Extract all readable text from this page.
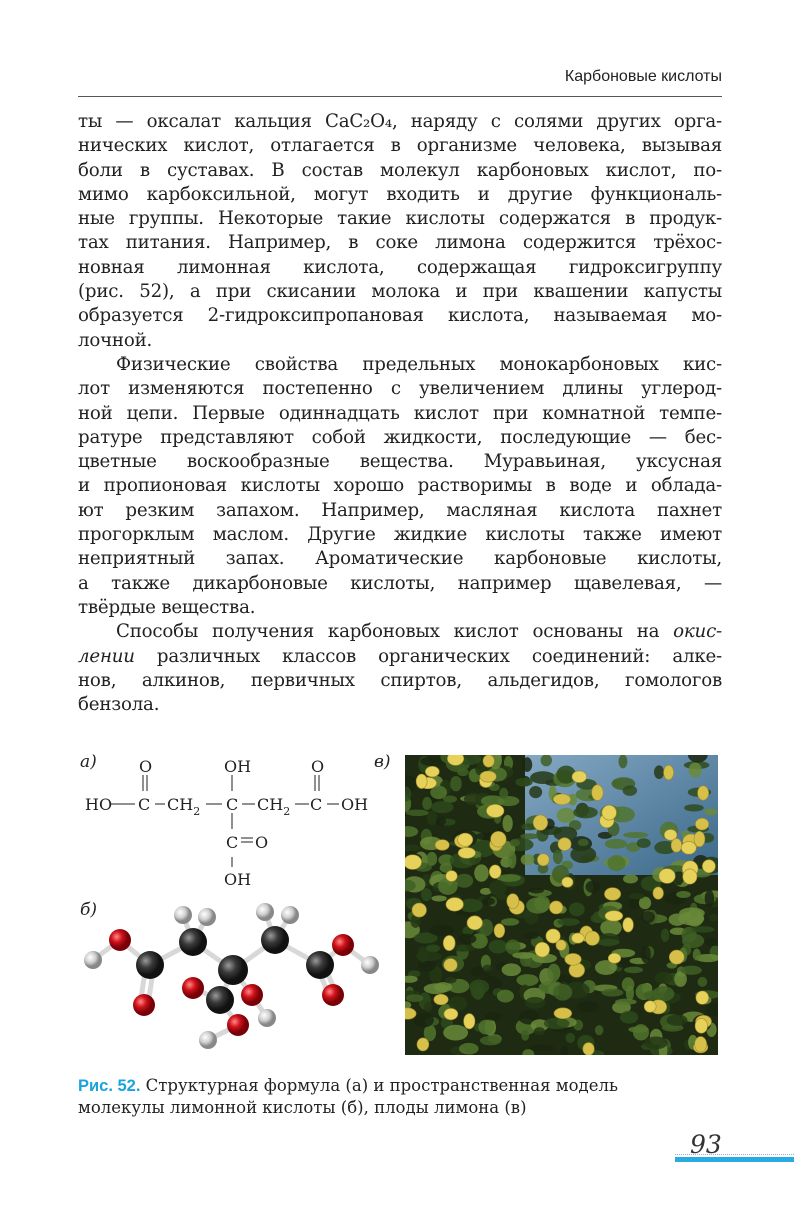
Карбоновые кислоты
ты — оксалат кальция CaC₂O₄, наряду с солями других орга-
нических кислот, отлагается в организме человека, вызывая
боли в суставах. В состав молекул карбоновых кислот, по-
мимо карбоксильной, могут входить и другие функциональ-
ные группы. Некоторые такие кислоты содержатся в продук-
тах питания. Например, в соке лимона содержится трёхос-
новная лимонная кислота, содержащая гидроксигруппу
(рис. 52), а при скисании молока и при квашении капусты
образуется 2-гидроксипропановая кислота, называемая мо-
лочной.
Физические свойства предельных монокарбоновых кис-
лот изменяются постепенно с увеличением длины углерод-
ной цепи. Первые одиннадцать кислот при комнатной темпе-
ратуре представляют собой жидкости, последующие — бес-
цветные воскообразные вещества. Муравьиная, уксусная
и пропионовая кислоты хорошо растворимы в воде и облада-
ют резким запахом. Например, масляная кислота пахнет
прогорклым маслом. Другие жидкие кислоты также имеют
неприятный запах. Ароматические карбоновые кислоты,
а также дикарбоновые кислоты, например щавелевая, —
твёрдые вещества.
Способы получения карбоновых кислот основаны на окис-
лении различных классов органических соединений: алке-
нов, алкинов, первичных спиртов, альдегидов, гомологов
бензола.
а)
б)
в)
O	OH	O
HO C $CH_2$ C $CH_2$ C OH
C O
OH
Рис. 52. Структурная формула (а) и пространственная модель
молекулы лимонной кислоты (б), плоды лимона (в)
93
